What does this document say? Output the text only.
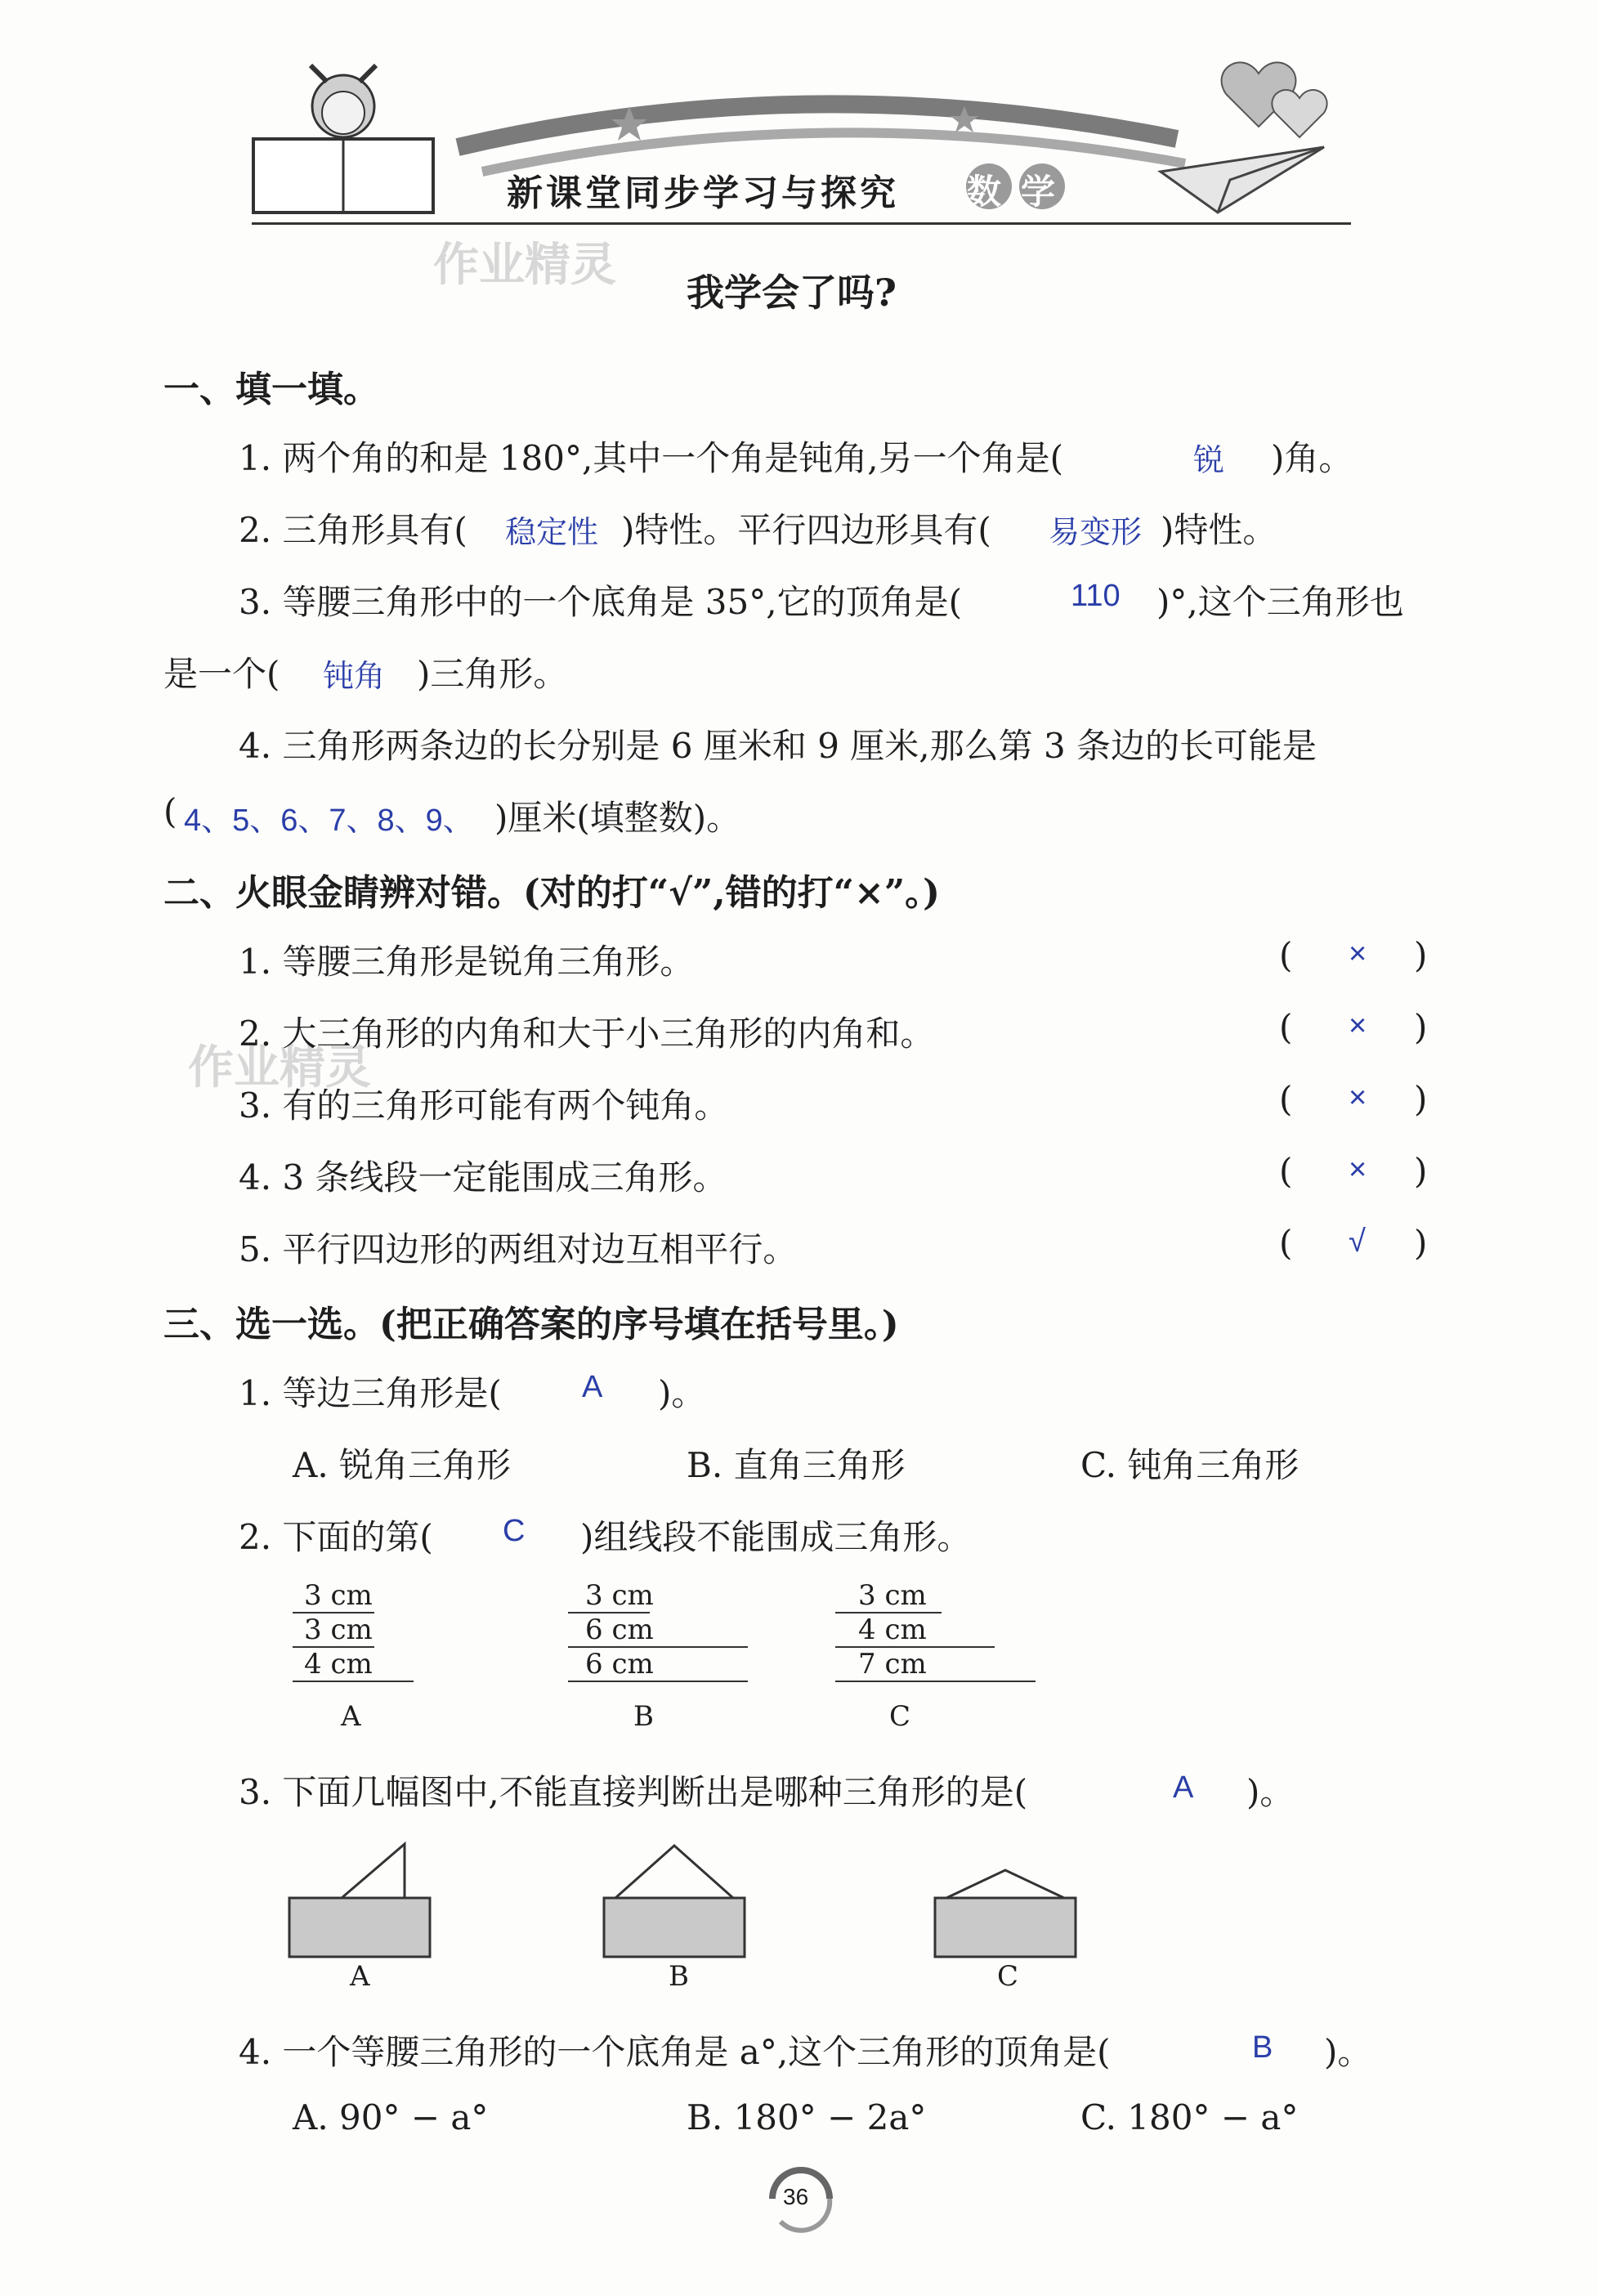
新课堂同步学习与探究 数学
作业精灵
作业精灵
我学会了吗?
一、填一填。
1. 两个角的和是 180°,其中一个角是钝角,另一个角是(	锐 )角。
2. 三角形具有( 稳定性 )特性。平行四边形具有( 易变形 )特性。
3. 等腰三角形中的一个底角是 35°,它的顶角是(	110 )°,这个三角形也
是一个( 钝角 )三角形。
4. 三角形两条边的长分别是 6 厘米和 9 厘米,那么第 3 条边的长可能是
( 4、5、6、7、8、9、 )厘米(填整数)。
二、火眼金睛辨对错。(对的打“√”,错的打“×”。)
1. 等腰三角形是锐角三角形。	( × )
2. 大三角形的内角和大于小三角形的内角和。	( × )
3. 有的三角形可能有两个钝角。	( × )
4. 3 条线段一定能围成三角形。	( × )
5. 平行四边形的两组对边互相平行。	( √ )
三、选一选。(把正确答案的序号填在括号里。)
1. 等边三角形是(	A )。
A. 锐角三角形	B. 直角三角形	C. 钝角三角形
2. 下面的第( C )组线段不能围成三角形。
3 cm
3 cm
4 cm
A
3 cm
6 cm
6 cm
B
3 cm
4 cm
7 cm
C
3. 下面几幅图中,不能直接判断出是哪种三角形的是(	A )。
A	B	C
4. 一个等腰三角形的一个底角是 a°,这个三角形的顶角是(	B )。
A. 90° − a°	B. 180° − 2a°	C. 180° − a°
36
